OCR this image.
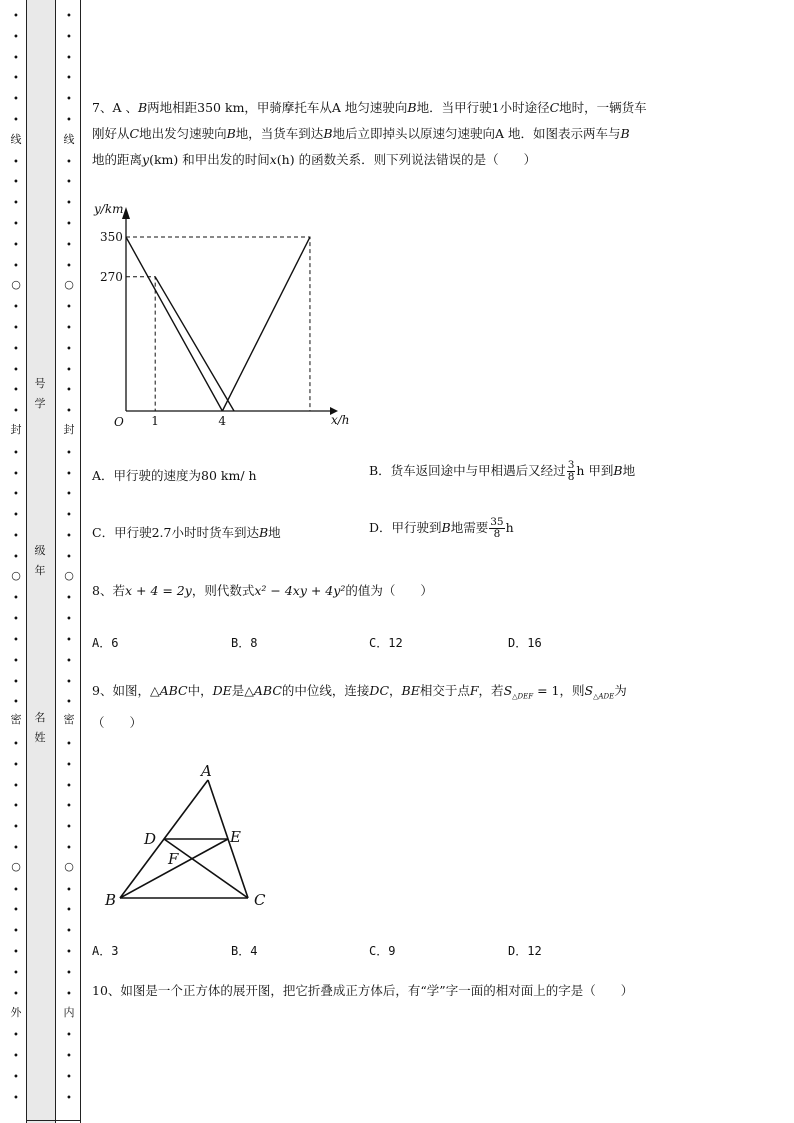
•
•
•
•
•
•
•
•
•
•
•
•
•
•
•
•
•
•
•
•
•
•
•
•
•
•
•
•
•
•
•
•
•
•
•
•
•
•
•
•
•
•
•
•
•
•
线
○
封
○
密
○
外
•
•
•
•
•
•
•
•
•
•
•
•
•
•
•
•
•
•
•
•
•
•
•
•
•
•
•
•
•
•
•
•
•
•
•
•
•
•
•
•
•
•
•
•
•
•
线
○
封
○
密
○
内
号
学
级
年
名
姓
7、A 、B两地相距350 km，甲骑摩托车从A 地匀速驶向B地．当甲行驶1小时途径C地时，一辆货车
刚好从C地出发匀速驶向B地，当货车到达B地后立即掉头以原速匀速驶向A 地．如图表示两车与B
地的距离y(km) 和甲出发的时间x(h) 的函数关系．则下列说法错误的是（　　）
y/km
x/h
O 1	4
350
270
A．甲行驶的速度为80 km/ h	B．货车返回途中与甲相遇后又经过 $\frac{3}{8}$ h 甲到B地
C．甲行驶2.7小时时货车到达B地	D．甲行驶到B地需要 $\frac{35}{8}$ h
8、若x + 4 = 2y，则代数式x² − 4xy + 4y²的值为（　　）
A．6	B．8	C．12	D．16
9、如图，△ABC中，DE是△ABC的中位线，连接DC，BE相交于点F，若$S_{\triangle DEF} = 1$，则$S_{\triangle ADE}$为
（　　）
A
B	C
D	E
F
A．3	B．4	C．9	D．12
10、如图是一个正方体的展开图，把它折叠成正方体后，有“学”字一面的相对面上的字是（　　）
